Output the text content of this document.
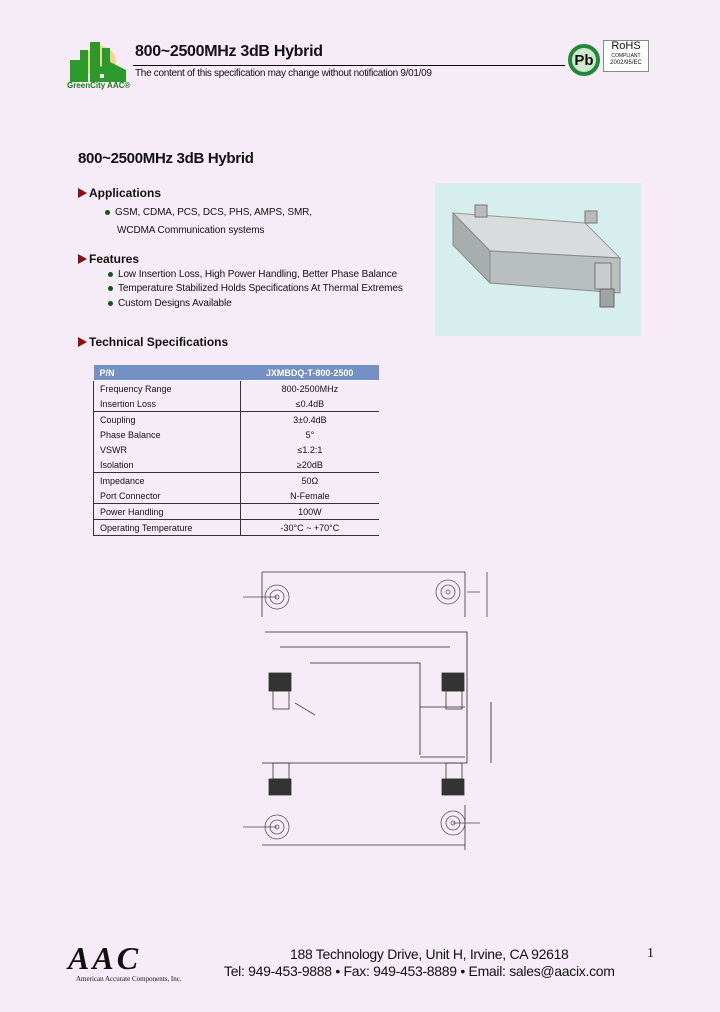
GreenCity AAC®
800~2500MHz 3dB Hybrid
The content of this specification may change without notification 9/01/09
Pb
RoHS
COMPLIANT
2002/95/EC
800~2500MHz 3dB Hybrid
Applications
GSM, CDMA, PCS, DCS, PHS, AMPS, SMR,
WCDMA Communication systems
Features
Low Insertion Loss, High Power Handling, Better Phase Balance
Temperature Stabilized Holds Specifications At Thermal Extremes
Custom Designs Available
Technical Specifications
P/N	JXMBDQ-T-800-2500
Frequency Range	800-2500MHz
Insertion Loss	≤0.4dB
Coupling	3±0.4dB
Phase Balance	5°
VSWR	≤1.2:1
Isolation	≥20dB
Impedance	50Ω
Port Connector	N-Female
Power Handling	100W
Operating Temperature	-30°C ~ +70°C
AAC
American Accurate Components, Inc.
188 Technology Drive, Unit H, Irvine, CA 92618
Tel: 949-453-9888 • Fax: 949-453-8889 • Email: sales@aacix.com
1
